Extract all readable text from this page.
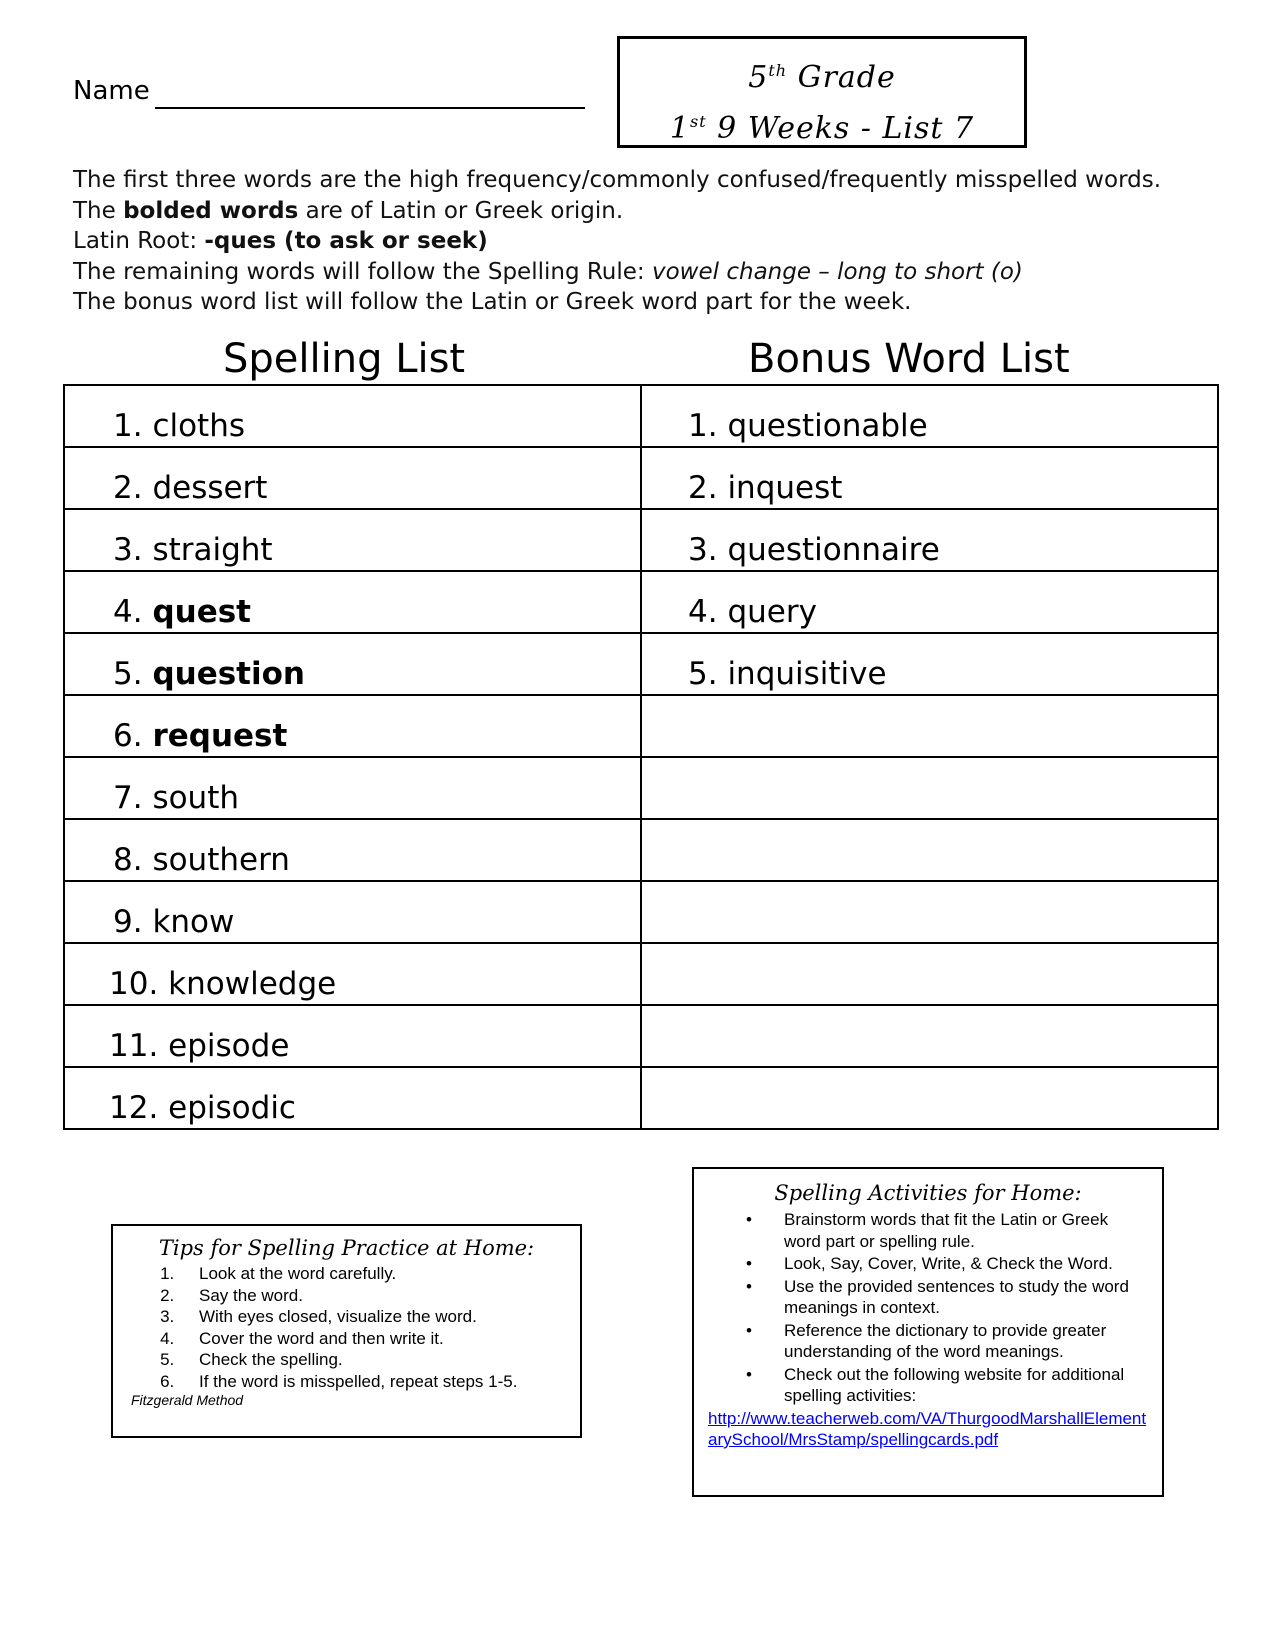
Name	5th Grade
1st 9 Weeks - List 7
The first three words are the high frequency/commonly confused/frequently misspelled words.
The bolded words are of Latin or Greek origin.
Latin Root: -ques (to ask or seek)
The remaining words will follow the Spelling Rule: vowel change – long to short (o)
The bonus word list will follow the Latin or Greek word part for the week.
Spelling List	Bonus Word List
1. cloths	1. questionable

2. dessert	2. inquest

3. straight	3. questionnaire

4. quest	4. query

5. question	5. inquisitive

6. request	

7. south	

8. southern	

9. know	

10. knowledge	

11. episode	

12. episodic	

Tips for Spelling Practice at Home:
1. Look at the word carefully.
2. Say the word.
3. With eyes closed, visualize the word.
4. Cover the word and then write it.
5. Check the spelling.
6. If the word is misspelled, repeat steps 1-5.
Fitzgerald Method
Spelling Activities for Home:
• Brainstorm words that fit the Latin or Greek word part or spelling rule.
• Look, Say, Cover, Write, & Check the Word.
• Use the provided sentences to study the word meanings in context.
• Reference the dictionary to provide greater understanding of the word meanings.
• Check out the following website for additional spelling activities:
http://www.teacherweb.com/VA/ThurgoodMarshallElementarySchool/MrsStamp/spellingcards.pdf
